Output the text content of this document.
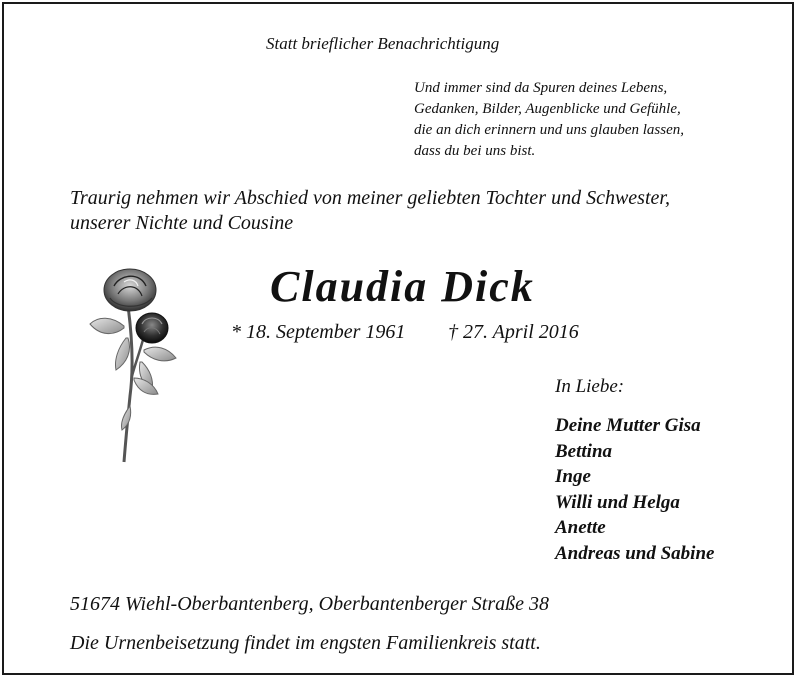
Statt brieflicher Benachrichtigung
Und immer sind da Spuren deines Lebens,
Gedanken, Bilder, Augenblicke und Gefühle,
die an dich erinnern und uns glauben lassen,
dass du bei uns bist.
Traurig nehmen wir Abschied von meiner geliebten Tochter und Schwester,
unserer Nichte und Cousine
Claudia Dick
* 18. September 1961 † 27. April 2016
In Liebe:
Deine Mutter Gisa
Bettina
Inge
Willi und Helga
Anette
Andreas und Sabine
51674 Wiehl-Oberbantenberg, Oberbantenberger Straße 38
Die Urnenbeisetzung findet im engsten Familienkreis statt.
